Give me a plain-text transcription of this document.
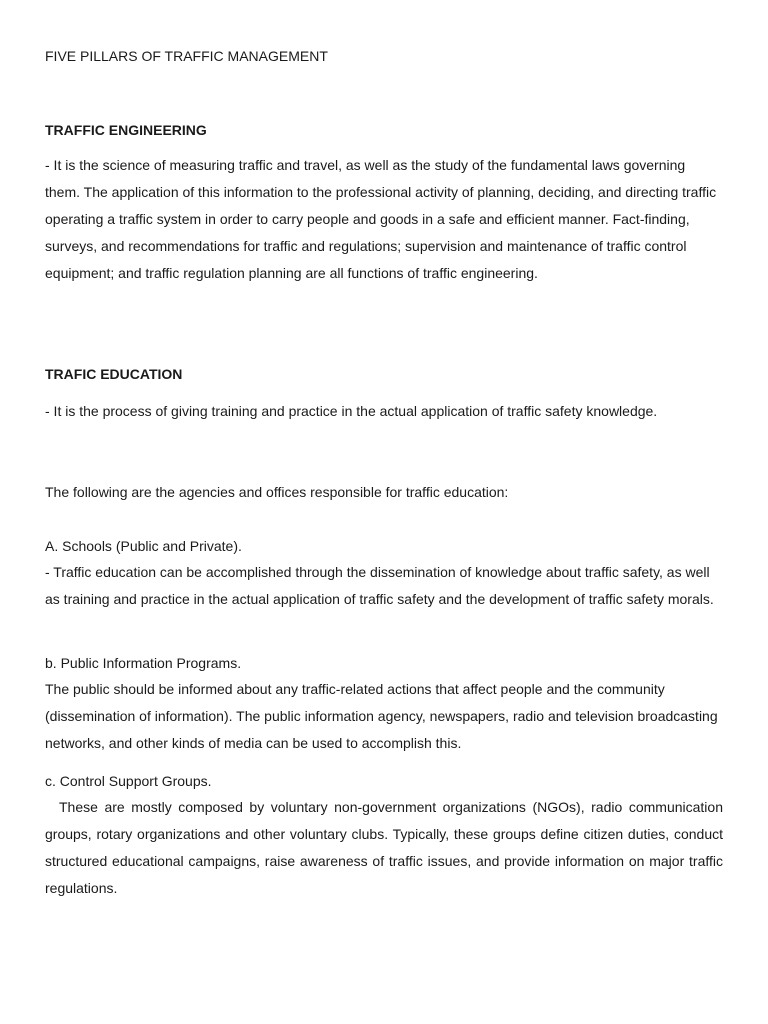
FIVE PILLARS OF TRAFFIC MANAGEMENT
TRAFFIC ENGINEERING

- It is the science of measuring traffic and travel, as well as the study of the fundamental laws governing them. The application of this information to the professional activity of planning, deciding, and directing traffic operating a traffic system in order to carry people and goods in a safe and efficient manner. Fact-finding, surveys, and recommendations for traffic and regulations; supervision and maintenance of traffic control equipment; and traffic regulation planning are all functions of traffic engineering.

TRAFIC EDUCATION

- It is the process of giving training and practice in the actual application of traffic safety knowledge.

The following are the agencies and offices responsible for traffic education:
A. Schools (Public and Private).

- Traffic education can be accomplished through the dissemination of knowledge about traffic safety, as well as training and practice in the actual application of traffic safety and the development of traffic safety morals.

b. Public Information Programs.

The public should be informed about any traffic-related actions that affect people and the community (dissemination of information). The public information agency, newspapers, radio and television broadcasting networks, and other kinds of media can be used to accomplish this.

c. Control Support Groups.

These are mostly composed by voluntary non-government organizations (NGOs), radio communication groups, rotary organizations and other voluntary clubs. Typically, these groups define citizen duties, conduct structured educational campaigns, raise awareness of traffic issues, and provide information on major traffic regulations.
